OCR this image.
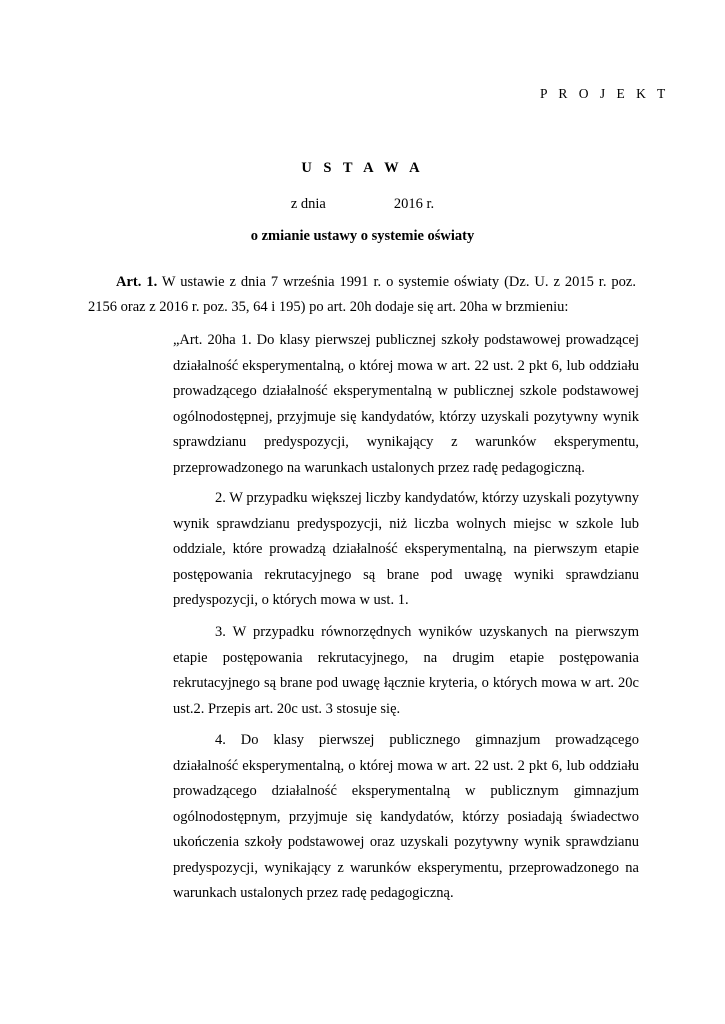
P R O J E K T
U S T A W A
z dnia	2016 r.
o zmianie ustawy o systemie oświaty
Art. 1. W ustawie z dnia 7 września 1991 r. o systemie oświaty (Dz. U. z 2015 r. poz. 2156 oraz z 2016 r. poz. 35, 64 i 195) po art. 20h dodaje się art. 20ha w brzmieniu:
„Art. 20ha 1. Do klasy pierwszej publicznej szkoły podstawowej prowadzącej działalność eksperymentalną, o której mowa w art. 22 ust. 2 pkt 6, lub oddziału prowadzącego działalność eksperymentalną w publicznej szkole podstawowej ogólnodostępnej, przyjmuje się kandydatów, którzy uzyskali pozytywny wynik sprawdzianu predyspozycji, wynikający z warunków eksperymentu, przeprowadzonego na warunkach ustalonych przez radę pedagogiczną.
2. W przypadku większej liczby kandydatów, którzy uzyskali pozytywny wynik sprawdzianu predyspozycji, niż liczba wolnych miejsc w szkole lub oddziale, które prowadzą działalność eksperymentalną, na pierwszym etapie postępowania rekrutacyjnego są brane pod uwagę wyniki sprawdzianu predyspozycji, o których mowa w ust. 1.
3. W przypadku równorzędnych wyników uzyskanych na pierwszym etapie postępowania rekrutacyjnego, na drugim etapie postępowania rekrutacyjnego są brane pod uwagę łącznie kryteria, o których mowa w art. 20c ust.2. Przepis art. 20c ust. 3 stosuje się.
4. Do klasy pierwszej publicznego gimnazjum prowadzącego działalność eksperymentalną, o której mowa w art. 22 ust. 2 pkt 6, lub oddziału prowadzącego działalność eksperymentalną w publicznym gimnazjum ogólnodostępnym, przyjmuje się kandydatów, którzy posiadają świadectwo ukończenia szkoły podstawowej oraz uzyskali pozytywny wynik sprawdzianu predyspozycji, wynikający z warunków eksperymentu, przeprowadzonego na warunkach ustalonych przez radę pedagogiczną.
